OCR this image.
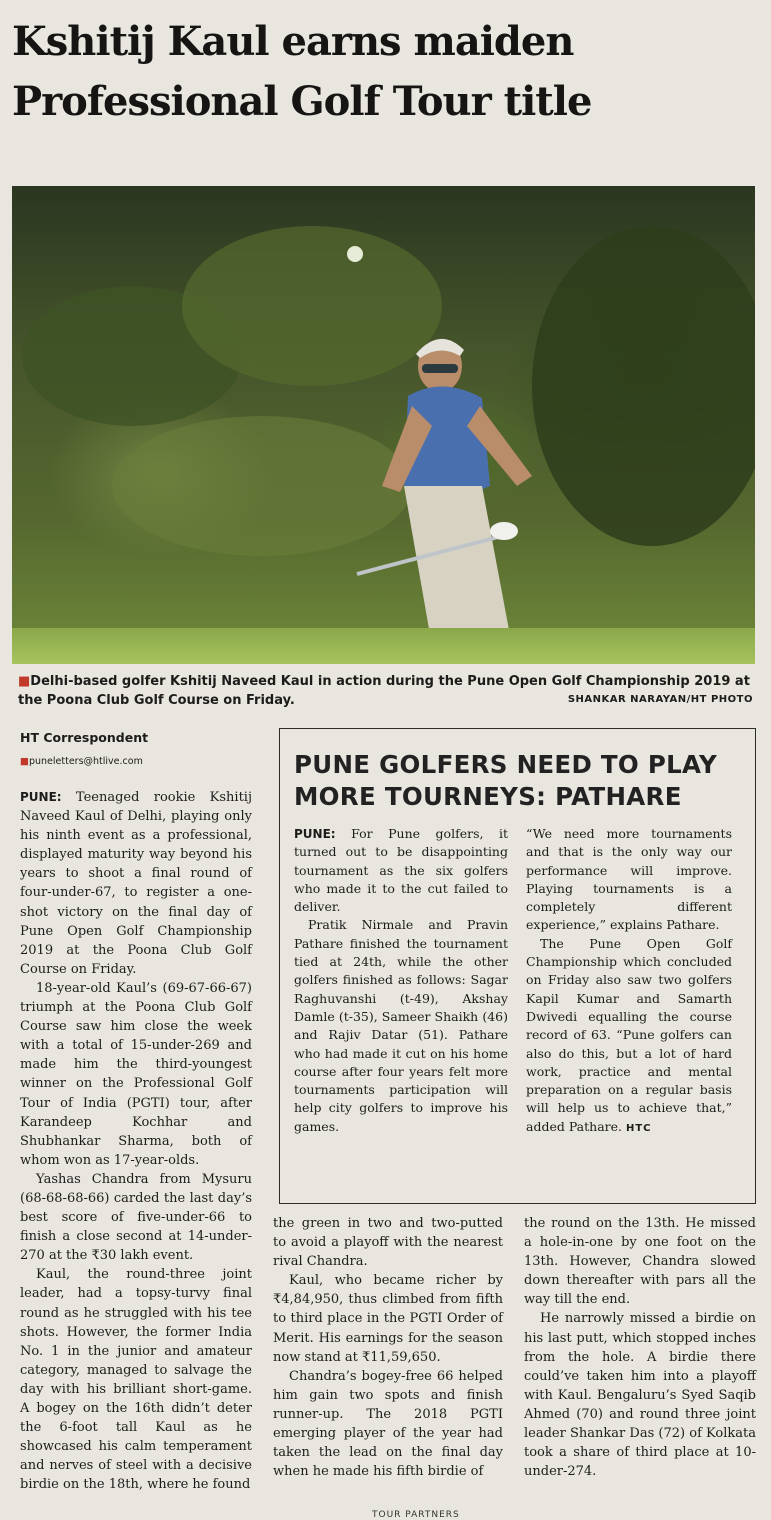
Kshitij Kaul earns maiden
Professional Golf Tour title

■Delhi-based golfer Kshitij Naveed Kaul in action during the Pune Open Golf Championship 2019 at the Poona Club Golf Course on Friday.	SHANKAR NARAYAN/HT PHOTO
HT Correspondent
■puneletters@htlive.com

PUNE: Teenaged rookie Kshitij Naveed Kaul of Delhi, playing only his ninth event as a professional, displayed maturity way beyond his years to shoot a final round of four-under-67, to register a one-shot victory on the final day of Pune Open Golf Championship 2019 at the Poona Club Golf Course on Friday.

18-year-old Kaul’s (69-67-66-67) triumph at the Poona Club Golf Course saw him close the week with a total of 15-under-269 and made him the third-youngest winner on the Professional Golf Tour of India (PGTI) tour, after Karandeep Kochhar and Shubhankar Sharma, both of whom won as 17-year-olds.

Yashas Chandra from Mysuru (68-68-68-66) carded the last day’s best score of five-under-66 to finish a close second at 14-under-270 at the ₹30 lakh event.

Kaul, the round-three joint leader, had a topsy-turvy final round as he struggled with his tee shots. However, the former India No. 1 in the junior and amateur category, managed to salvage the day with his brilliant short-game. A bogey on the 16th didn’t deter the 6-foot tall Kaul as he showcased his calm temperament and nerves of steel with a decisive birdie on the 18th, where he found

PUNE GOLFERS NEED TO PLAY MORE TOURNEYS: PATHARE

PUNE: For Pune golfers, it turned out to be disappointing tournament as the six golfers who made it to the cut failed to deliver.

Pratik Nirmale and Pravin Pathare finished the tournament tied at 24th, while the other golfers finished as follows: Sagar Raghuvanshi (t-49), Akshay Damle (t-35), Sameer Shaikh (46) and Rajiv Datar (51). Pathare who had made it cut on his home course after four years felt more tournaments participation will help city golfers to improve his games.

“We need more tournaments and that is the only way our performance will improve. Playing tournaments is a completely different experience,” explains Pathare.

The Pune Open Golf Championship which concluded on Friday also saw two golfers Kapil Kumar and Samarth Dwivedi equalling the course record of 63. “Pune golfers can also do this, but a lot of hard work, practice and mental preparation on a regular basis will help us to achieve that,” added Pathare. HTC

the green in two and two-putted to avoid a playoff with the nearest rival Chandra.

Kaul, who became richer by ₹4,84,950, thus climbed from fifth to third place in the PGTI Order of Merit. His earnings for the season now stand at ₹11,59,650.

Chandra’s bogey-free 66 helped him gain two spots and finish runner-up. The 2018 PGTI emerging player of the year had taken the lead on the final day when he made his fifth birdie of

the round on the 13th. He missed a hole-in-one by one foot on the 13th. However, Chandra slowed down thereafter with pars all the way till the end.

He narrowly missed a birdie on his last putt, which stopped inches from the hole. A birdie there could’ve taken him into a playoff with Kaul. Bengaluru’s Syed Saqib Ahmed (70) and round three joint leader Shankar Das (72) of Kolkata took a share of third place at 10-under-274.

TOUR PARTNERS
